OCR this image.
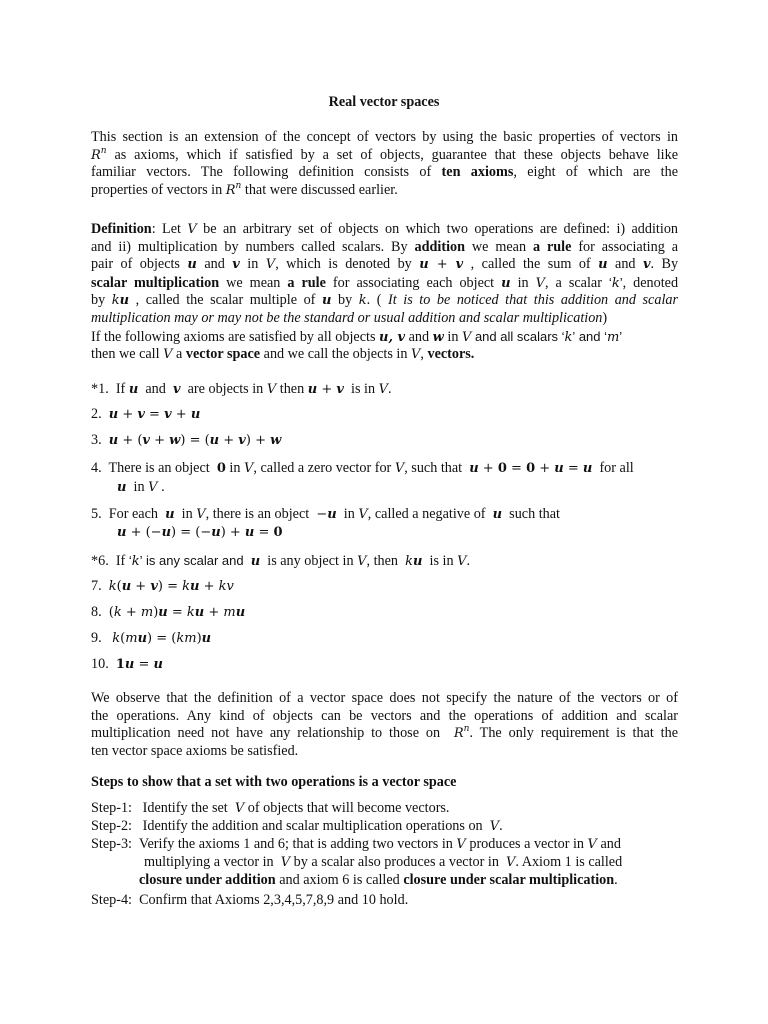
Real vector spaces
This section is an extension of the concept of vectors by using the basic properties of vectors in
$R^n$ as axioms, which if satisfied by a set of objects, guarantee that these objects behave like
familiar vectors. The following definition consists of ten axioms, eight of which are the
properties of vectors in $R^n$ that were discussed earlier.
Definition: Let V be an arbitrary set of objects on which two operations are defined: i) addition
and ii) multiplication by numbers called scalars. By addition we mean a rule for associating a
pair of objects u and v in V, which is denoted by u + v , called the sum of u and v. By
scalar multiplication we mean a rule for associating each object u in V, a scalar ‘k’, denoted
by ku , called the scalar multiple of u by k. ( It is to be noticed that this addition and scalar
multiplication may or may not be the standard or usual addition and scalar multiplication)
If the following axioms are satisfied by all objects u, v and w in V and all scalars ‘k’ and ‘m’
then we call V a vector space and we call the objects in V, vectors.
*1. If u and v are objects in V then u + v is in V.
2. u + v = v + u
3. u + (v + w) = (u + v) + w
4. There is an object 0 in V, called a zero vector for V, such that u + 0 = 0 + u = u for all
u in V .
5. For each u in V, there is an object −u in V, called a negative of u such that
u + (−u) = (−u) + u = 0
*6. If ‘k’ is any scalar and u is any object in V, then ku is in V.
7. k(u + v) = ku + kv
8. (k + m)u = ku + mu
9. k(mu) = (km)u
10. 1u = u
We observe that the definition of a vector space does not specify the nature of the vectors or of
the operations. Any kind of objects can be vectors and the operations of addition and scalar
multiplication need not have any relationship to those on $R^n$. The only requirement is that the
ten vector space axioms be satisfied.
Steps to show that a set with two operations is a vector space
Step-1: Identify the set V of objects that will become vectors.
Step-2: Identify the addition and scalar multiplication operations on V.
Step-3: Verify the axioms 1 and 6; that is adding two vectors in V produces a vector in V and
multiplying a vector in V by a scalar also produces a vector in V. Axiom 1 is called
closure under addition and axiom 6 is called closure under scalar multiplication.
Step-4: Confirm that Axioms 2,3,4,5,7,8,9 and 10 hold.
